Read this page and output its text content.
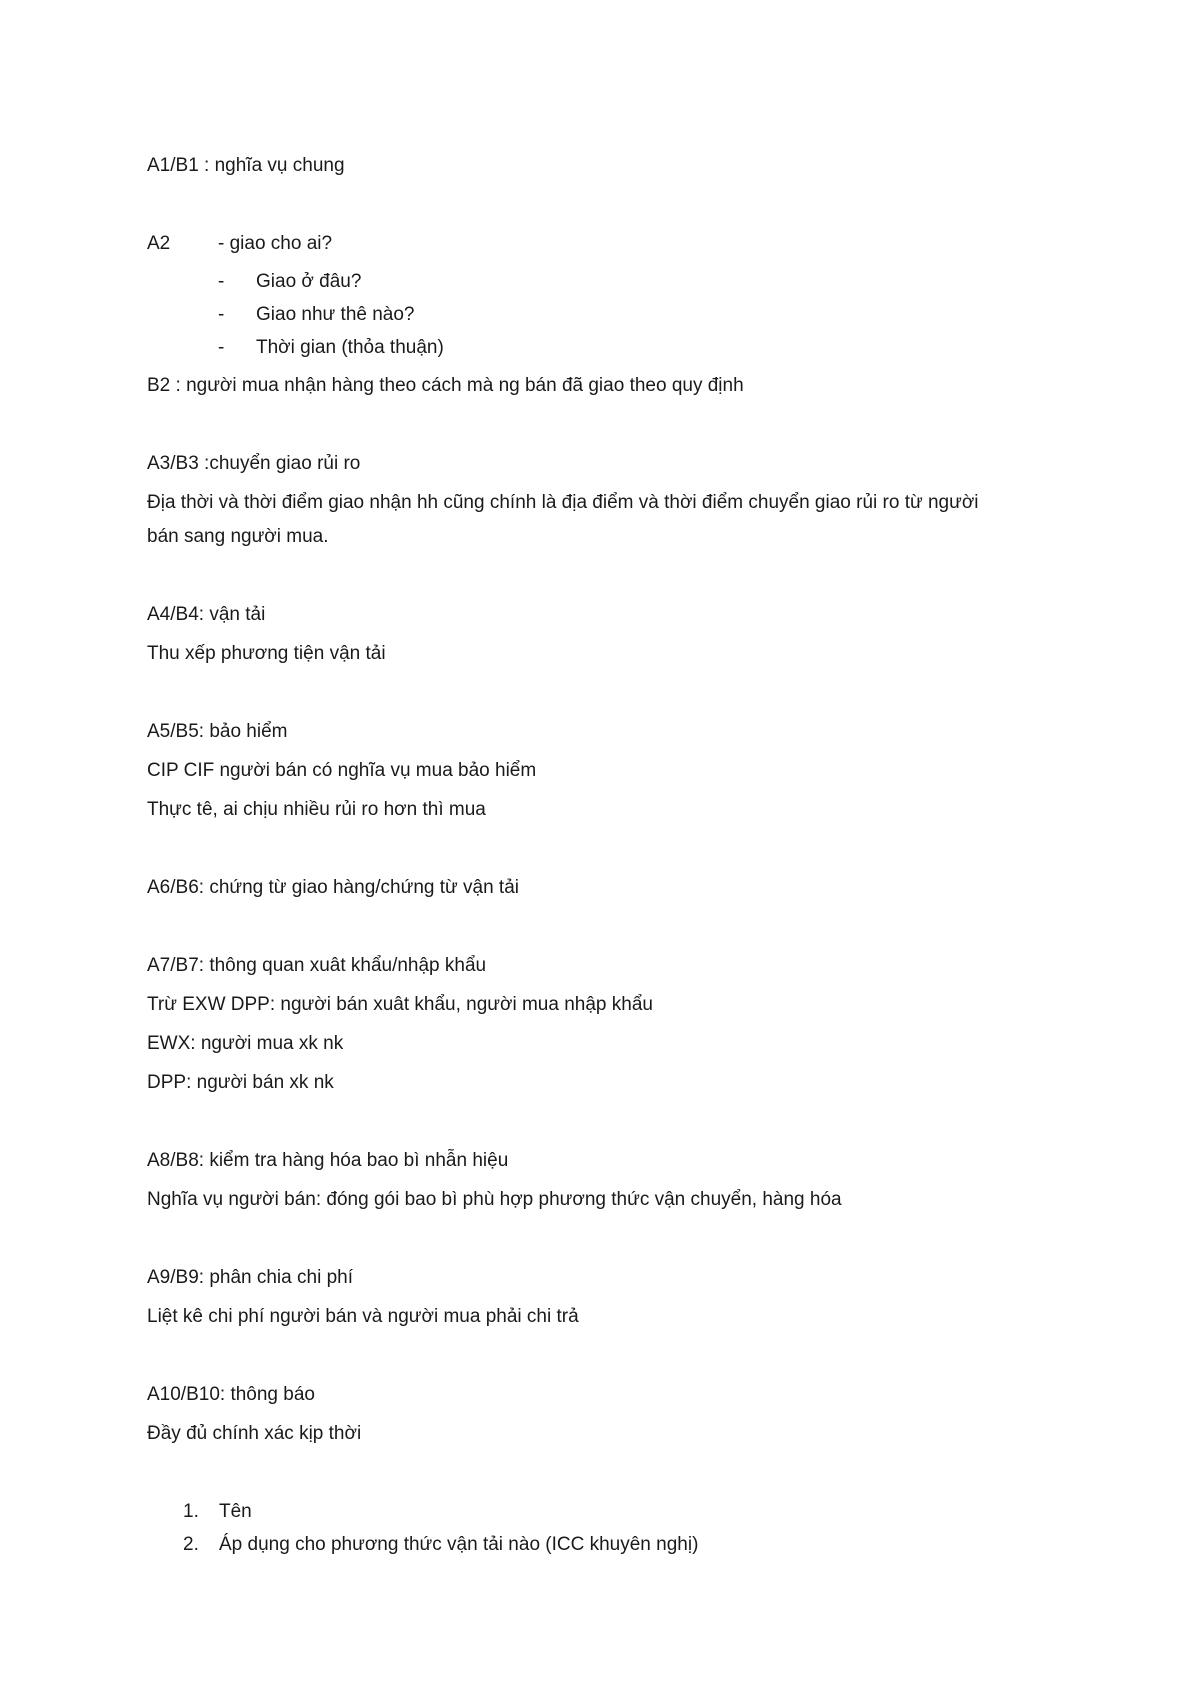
A1/B1 : nghĩa vụ chung
A2	- giao cho ai?
- Giao ở đâu?
- Giao như thê nào?
- Thời gian (thỏa thuận)
B2 : người mua nhận hàng theo cách mà ng bán đã giao theo quy định
A3/B3 :chuyển giao rủi ro
Địa thời và thời điểm giao nhận hh cũng chính là địa điểm và thời điểm chuyển giao rủi ro từ người
bán sang người mua.
A4/B4: vận tải
Thu xếp phương tiện vận tải
A5/B5: bảo hiểm
CIP CIF người bán có nghĩa vụ mua bảo hiểm
Thực tê, ai chịu nhiều rủi ro hơn thì mua
A6/B6: chứng từ giao hàng/chứng từ vận tải
A7/B7: thông quan xuât khẩu/nhập khẩu
Trừ EXW DPP: người bán xuât khẩu, người mua nhập khẩu
EWX: người mua xk nk
DPP: người bán xk nk
A8/B8: kiểm tra hàng hóa bao bì nhẫn hiệu
Nghĩa vụ người bán: đóng gói bao bì phù hợp phương thức vận chuyển, hàng hóa
A9/B9: phân chia chi phí
Liệt kê chi phí người bán và người mua phải chi trả
A10/B10: thông báo
Đầy đủ chính xác kịp thời
1. Tên
2. Áp dụng cho phương thức vận tải nào (ICC khuyên nghị)
